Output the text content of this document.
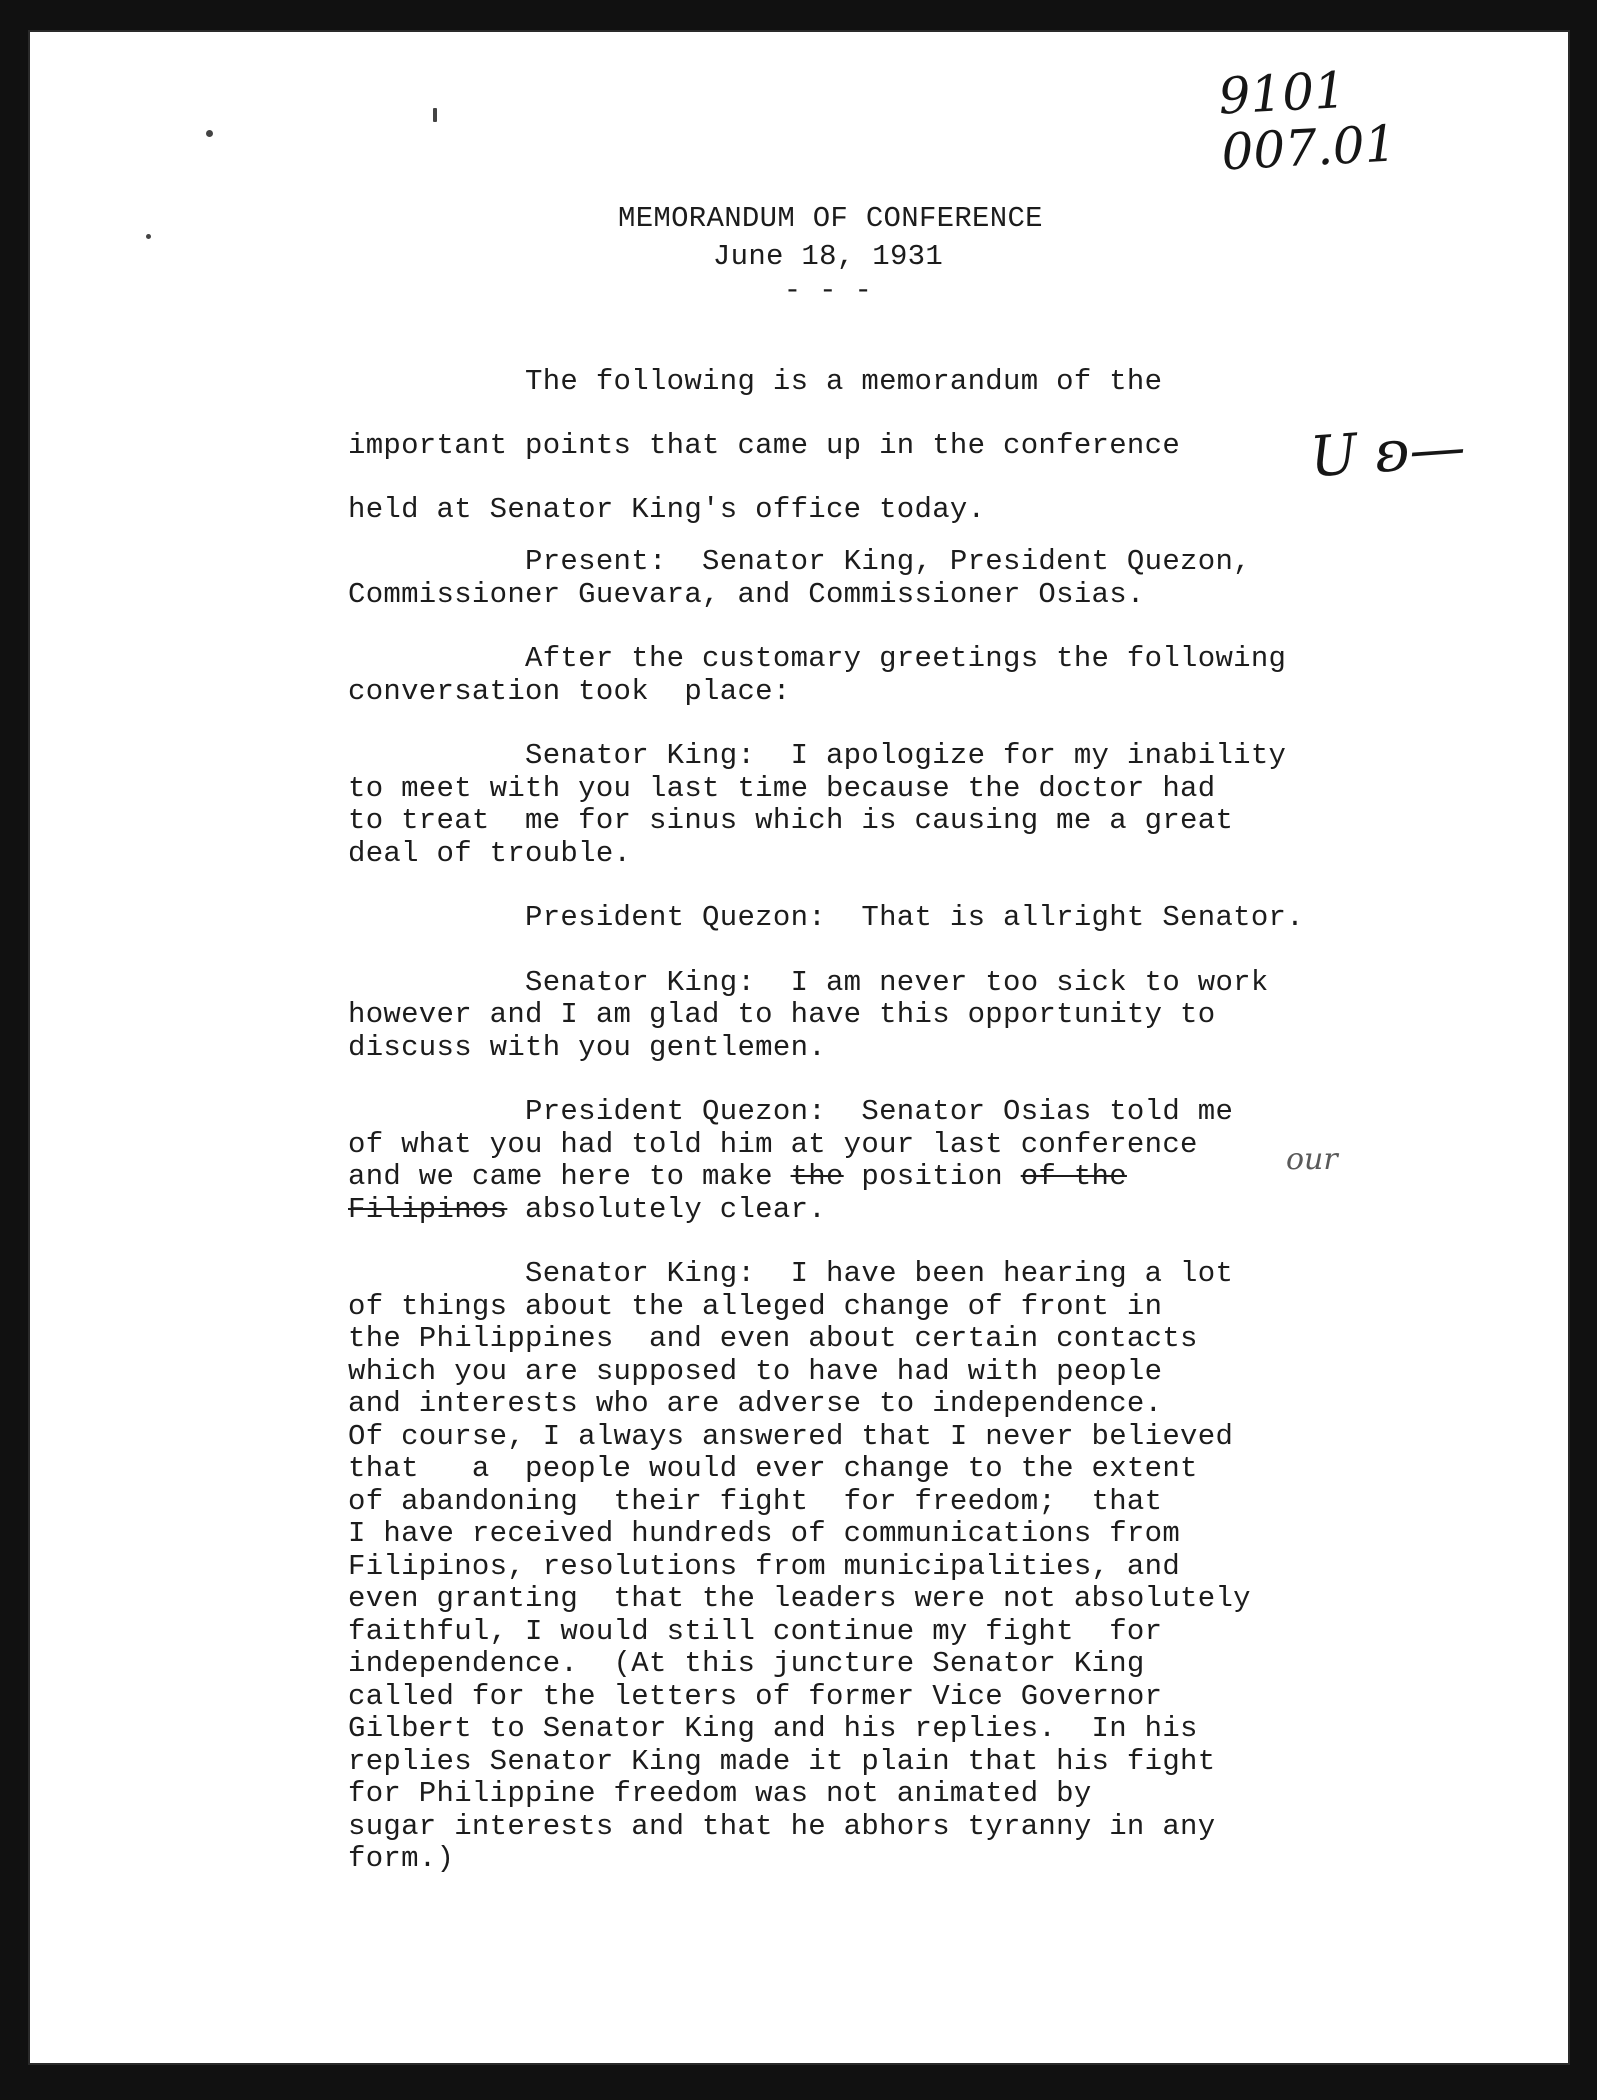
9101
007.01
U ʚ—
our
MEMORANDUM OF CONFERENCE
June 18, 1931
- - -

The following is a memorandum of the
important points that came up in the conference
held at Senator King's office today.

Present:  Senator King, President Quezon,
Commissioner Guevara, and Commissioner Osias.

After the customary greetings the following
conversation took  place:

Senator King:  I apologize for my inability
to meet with you last time because the doctor had
to treat  me for sinus which is causing me a great
deal of trouble.

President Quezon:  That is allright Senator.

Senator King:  I am never too sick to work
however and I am glad to have this opportunity to
discuss with you gentlemen.

President Quezon:  Senator Osias told me
of what you had told him at your last conference
and we came here to make the position of the
Filipinos absolutely clear.

Senator King:  I have been hearing a lot
of things about the alleged change of front in
the Philippines  and even about certain contacts
which you are supposed to have had with people
and interests who are adverse to independence.
Of course, I always answered that I never believed
that   a  people would ever change to the extent
of abandoning  their fight  for freedom;  that
I have received hundreds of communications from
Filipinos, resolutions from municipalities, and
even granting  that the leaders were not absolutely
faithful, I would still continue my fight  for
independence.  (At this juncture Senator King
called for the letters of former Vice Governor
Gilbert to Senator King and his replies.  In his
replies Senator King made it plain that his fight
for Philippine freedom was not animated by
sugar interests and that he abhors tyranny in any
form.)
